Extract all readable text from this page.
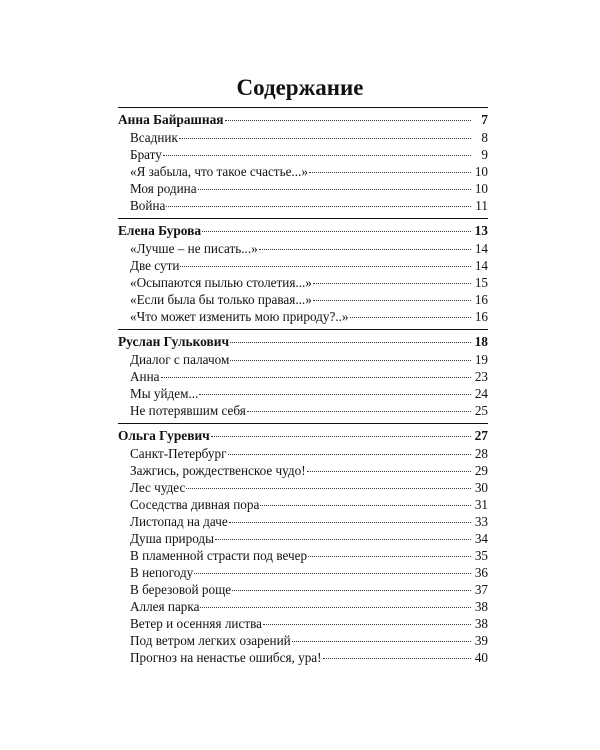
Содержание
Анна Байрашная	7
Всадник	8
Брату	9
«Я забыла, что такое счастье...»	10
Моя родина	10
Война	11
Елена Бурова	13
«Лучше – не писать...»	14
Две сути	14
«Осыпаются пылью столетия...»	15
«Если была бы только правая...»	16
«Что может изменить мою природу?..»	16
Руслан Гулькович	18
Диалог с палачом	19
Анна	23
Мы уйдем...	24
Не потерявшим себя	25
Ольга Гуревич	27
Санкт-Петербург	28
Зажгись, рождественское чудо!	29
Лес чудес	30
Соседства дивная пора	31
Листопад на даче	33
Душа природы	34
В пламенной страсти под вечер	35
В непогоду	36
В березовой роще	37
Аллея парка	38
Ветер и осенняя листва	38
Под ветром легких озарений	39
Прогноз на ненастье ошибся, ура!	40
